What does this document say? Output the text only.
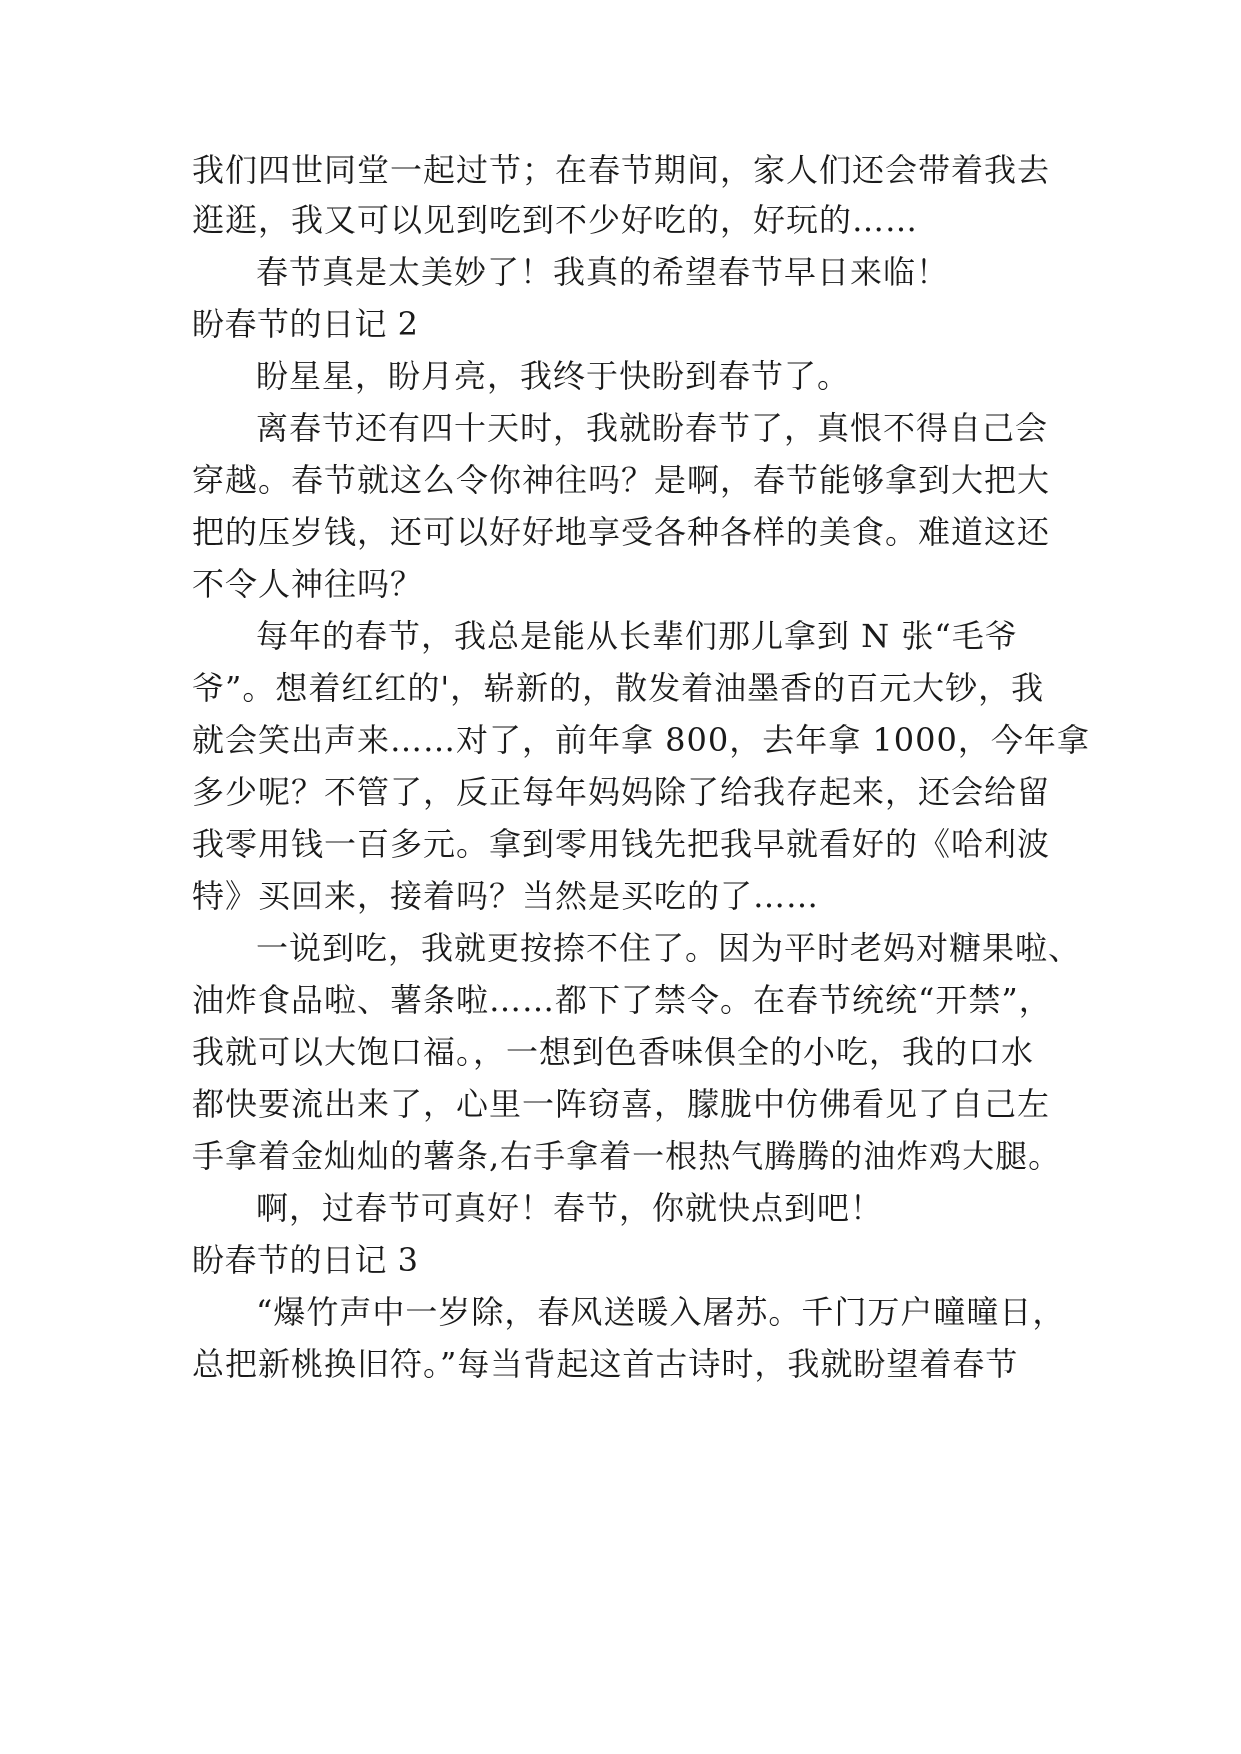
我们四世同堂一起过节；在春节期间，家人们还会带着我去
逛逛，我又可以见到吃到不少好吃的，好玩的……
春节真是太美妙了！我真的希望春节早日来临！
盼春节的日记 2
盼星星，盼月亮，我终于快盼到春节了。
离春节还有四十天时，我就盼春节了，真恨不得自己会
穿越。春节就这么令你神往吗？是啊，春节能够拿到大把大
把的压岁钱，还可以好好地享受各种各样的美食。难道这还
不令人神往吗？
每年的春节，我总是能从长辈们那儿拿到 N 张“毛爷
爷”。想着红红的'，崭新的，散发着油墨香的百元大钞，我
就会笑出声来……对了，前年拿 800，去年拿 1000，今年拿
多少呢？不管了，反正每年妈妈除了给我存起来，还会给留
我零用钱一百多元。拿到零用钱先把我早就看好的《哈利波
特》买回来，接着吗？当然是买吃的了……
一说到吃，我就更按捺不住了。因为平时老妈对糖果啦、
油炸食品啦、薯条啦……都下了禁令。在春节统统“开禁”，
我就可以大饱口福。，一想到色香味俱全的小吃，我的口水
都快要流出来了，心里一阵窃喜，朦胧中仿佛看见了自己左
手拿着金灿灿的薯条,右手拿着一根热气腾腾的油炸鸡大腿。
啊，过春节可真好！春节，你就快点到吧！
盼春节的日记 3
“爆竹声中一岁除，春风送暖入屠苏。千门万户曈曈日，
总把新桃换旧符。”每当背起这首古诗时，我就盼望着春节
